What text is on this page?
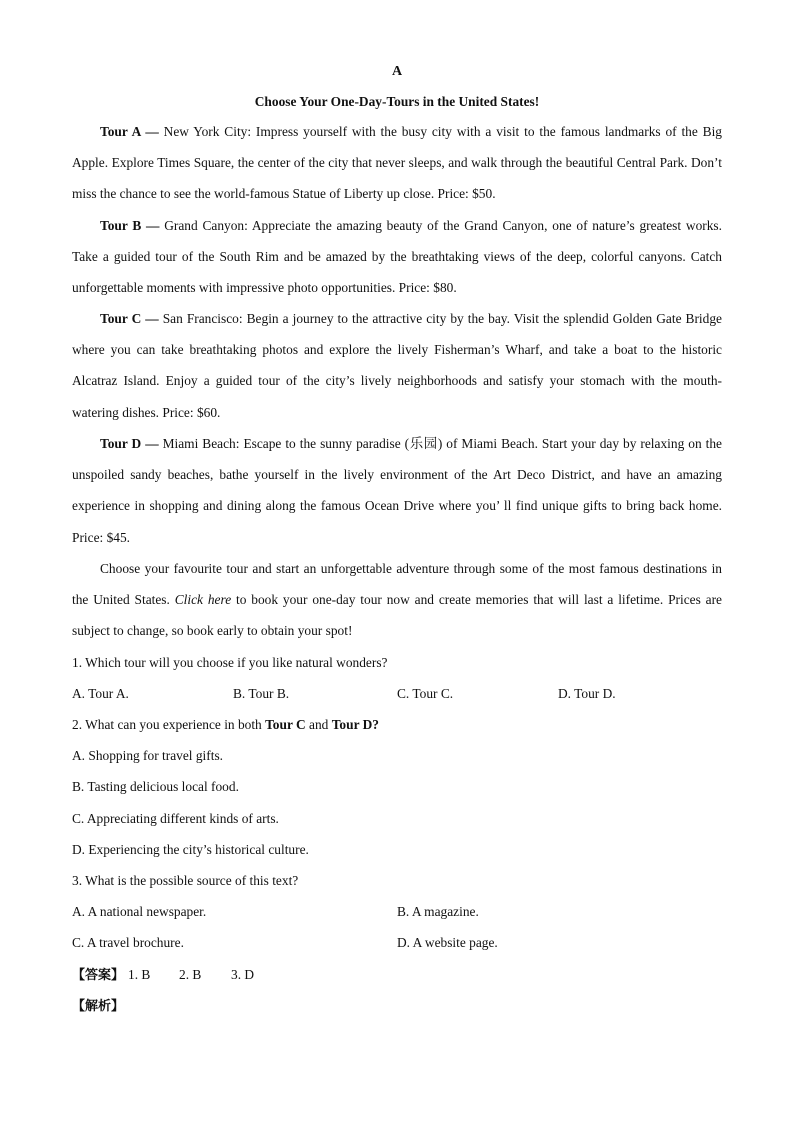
A
Choose Your One-Day-Tours in the United States!

Tour A — New York City: Impress yourself with the busy city with a visit to the famous landmarks of the Big Apple. Explore Times Square, the center of the city that never sleeps, and walk through the beautiful Central Park. Don’t miss the chance to see the world-famous Statue of Liberty up close. Price: $50.

Tour B — Grand Canyon: Appreciate the amazing beauty of the Grand Canyon, one of nature’s greatest works. Take a guided tour of the South Rim and be amazed by the breathtaking views of the deep, colorful canyons. Catch unforgettable moments with impressive photo opportunities. Price: $80.

Tour C — San Francisco: Begin a journey to the attractive city by the bay. Visit the splendid Golden Gate Bridge where you can take breathtaking photos and explore the lively Fisherman’s Wharf, and take a boat to the historic Alcatraz Island. Enjoy a guided tour of the city’s lively neighborhoods and satisfy your stomach with the mouth-watering dishes. Price: $60.

Tour D — Miami Beach: Escape to the sunny paradise (乐园) of Miami Beach. Start your day by relaxing on the unspoiled sandy beaches, bathe yourself in the lively environment of the Art Deco District, and have an amazing experience in shopping and dining along the famous Ocean Drive where you’ ll find unique gifts to bring back home. Price: $45.

Choose your favourite tour and start an unforgettable adventure through some of the most famous destinations in the United States. Click here to book your one-day tour now and create memories that will last a lifetime. Prices are subject to change, so book early to obtain your spot!

1. Which tour will you choose if you like natural wonders?
A. Tour A.	B. Tour B.	C. Tour C.	D. Tour D.
2. What can you experience in both Tour C and Tour D?
A. Shopping for travel gifts.
B. Tasting delicious local food.
C. Appreciating different kinds of arts.
D. Experiencing the city’s historical culture.
3. What is the possible source of this text?
A. A national newspaper.	B. A magazine.
C. A travel brochure.	D. A website page.
【答案】 1. B 2. B 3. D
【解析】
